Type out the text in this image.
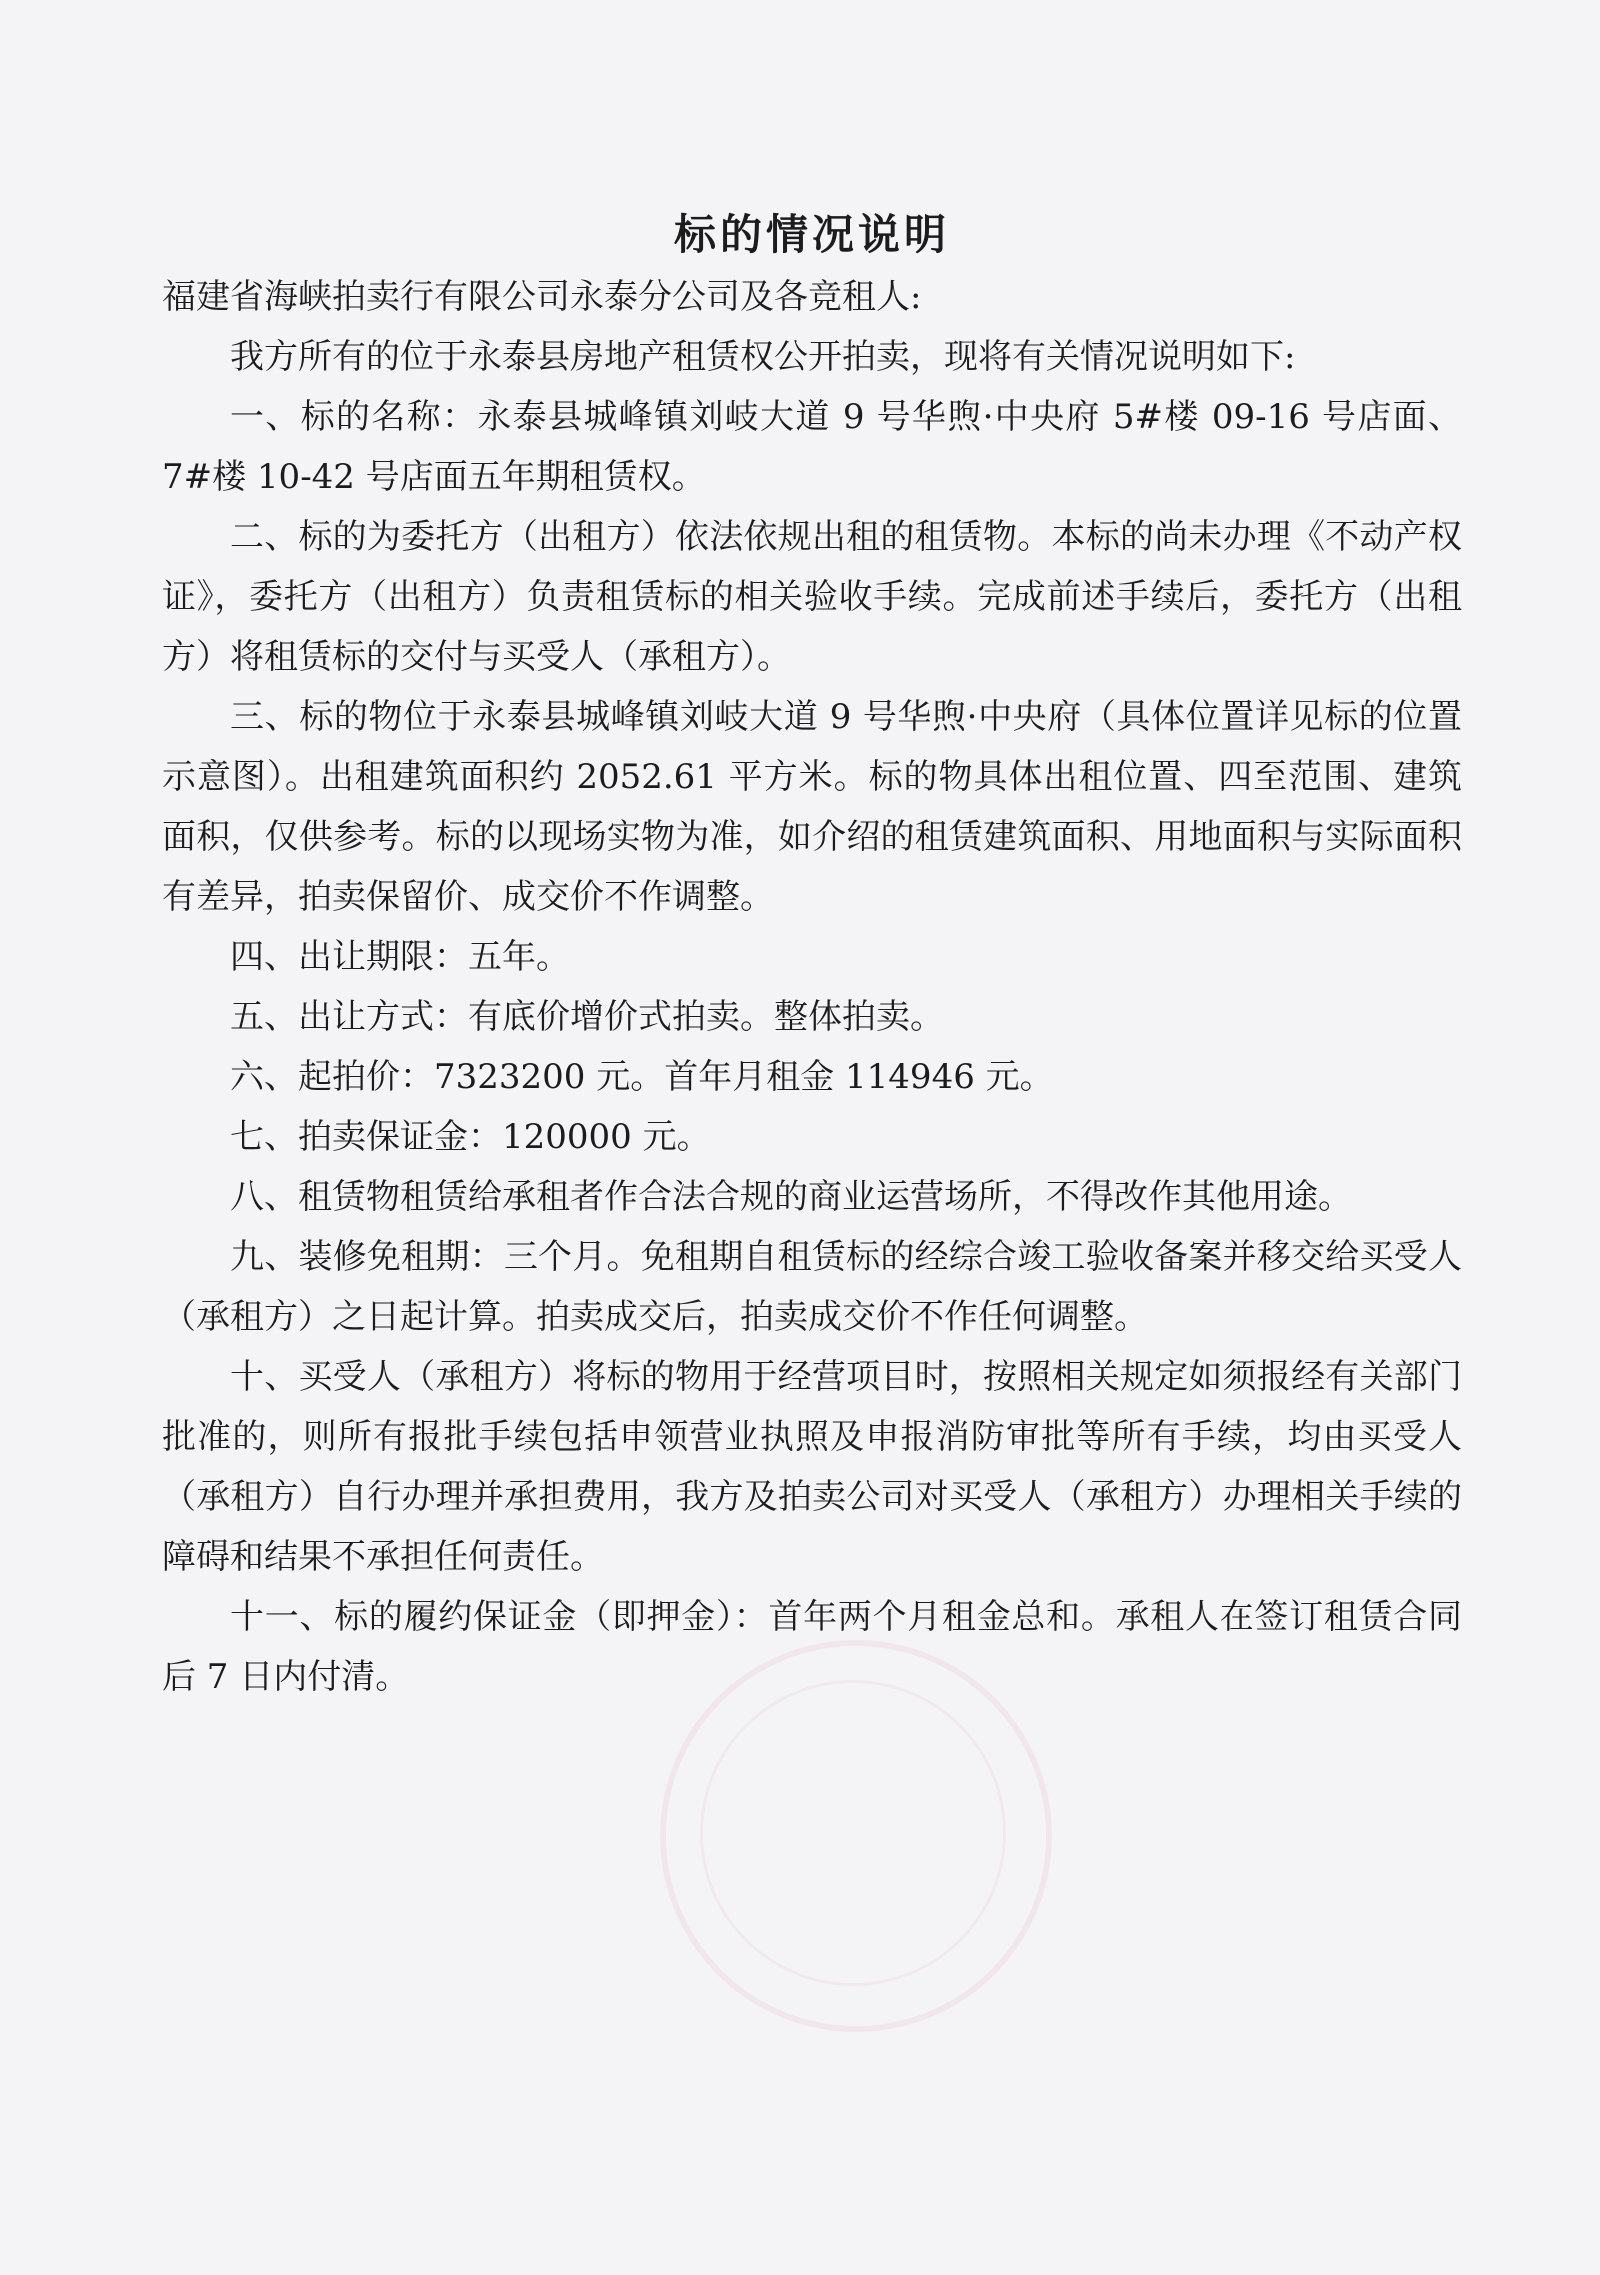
标的情况说明

福建省海峡拍卖行有限公司永泰分公司及各竞租人:

我方所有的位于永泰县房地产租赁权公开拍卖，现将有关情况说明如下:

一、标的名称：永泰县城峰镇刘岐大道 9 号华煦·中央府 5#楼 09-16 号店面、7#楼 10-42 号店面五年期租赁权。

二、标的为委托方（出租方）依法依规出租的租赁物。本标的尚未办理《不动产权证》，委托方（出租方）负责租赁标的相关验收手续。完成前述手续后，委托方（出租方）将租赁标的交付与买受人（承租方）。

三、标的物位于永泰县城峰镇刘岐大道 9 号华煦·中央府（具体位置详见标的位置示意图）。出租建筑面积约 2052.61 平方米。标的物具体出租位置、四至范围、建筑面积，仅供参考。标的以现场实物为准，如介绍的租赁建筑面积、用地面积与实际面积有差异，拍卖保留价、成交价不作调整。

四、出让期限：五年。

五、出让方式：有底价增价式拍卖。整体拍卖。

六、起拍价：7323200 元。首年月租金 114946 元。

七、拍卖保证金：120000 元。

八、租赁物租赁给承租者作合法合规的商业运营场所，不得改作其他用途。

九、装修免租期：三个月。免租期自租赁标的经综合竣工验收备案并移交给买受人（承租方）之日起计算。拍卖成交后，拍卖成交价不作任何调整。

十、买受人（承租方）将标的物用于经营项目时，按照相关规定如须报经有关部门批准的，则所有报批手续包括申领营业执照及申报消防审批等所有手续，均由买受人（承租方）自行办理并承担费用，我方及拍卖公司对买受人（承租方）办理相关手续的障碍和结果不承担任何责任。

十一、标的履约保证金（即押金）：首年两个月租金总和。承租人在签订租赁合同后 7 日内付清。
